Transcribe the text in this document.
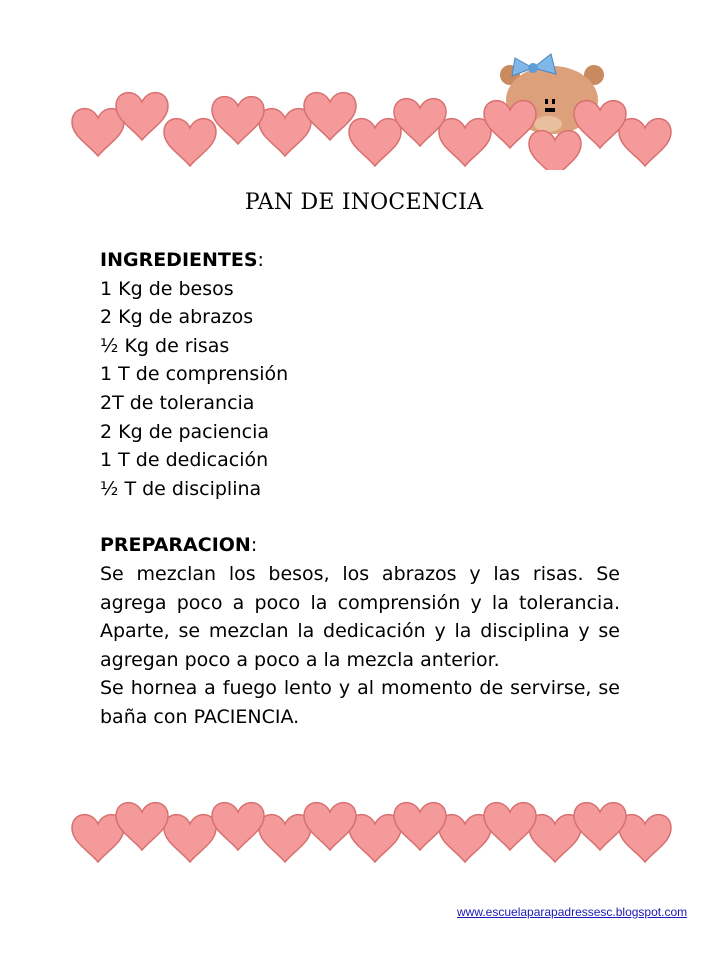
PAN DE INOCENCIA
INGREDIENTES:
1 Kg de besos
2 Kg de abrazos
½ Kg de risas
1 T de comprensión
2T de tolerancia
2 Kg de paciencia
1 T de dedicación
½ T de disciplina
PREPARACION:

Se mezclan los besos, los abrazos y las risas. Se agrega poco a poco la comprensión y la tolerancia. Aparte, se mezclan la dedicación y la disciplina y se agregan poco a poco a la mezcla anterior.

Se hornea a fuego lento y al momento de servirse, se baña con PACIENCIA.

www.escuelaparapadressesc.blogspot.com
